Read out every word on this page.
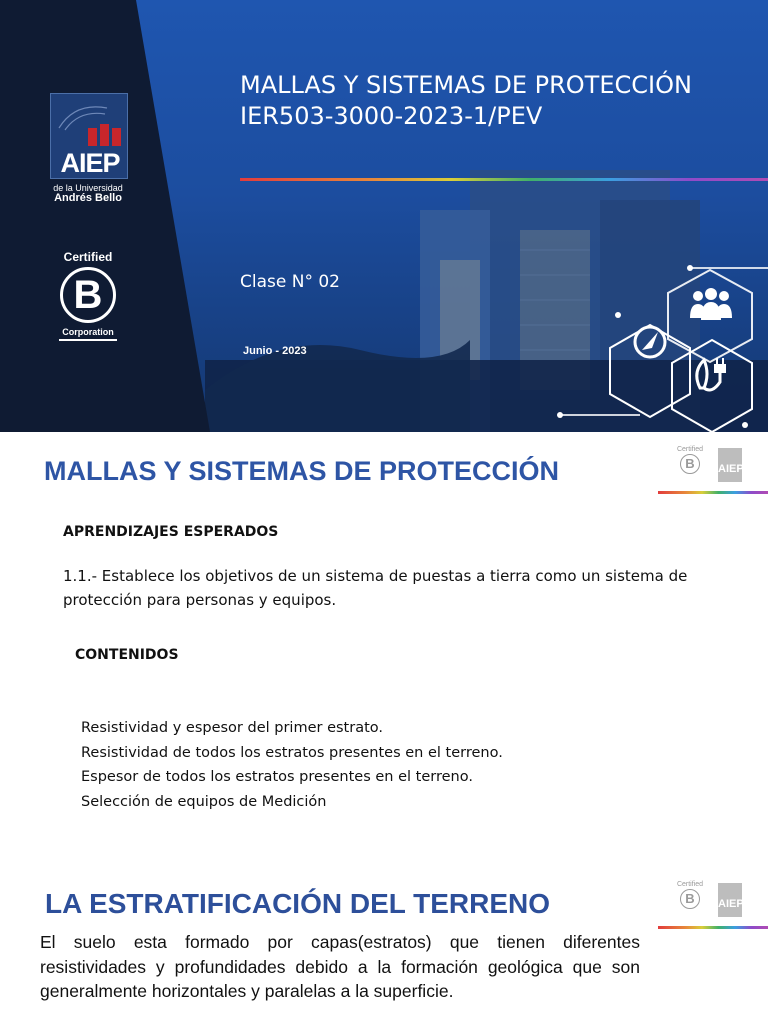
AIEP
de la Universidad
Andrés Bello
Certified
B
Corporation
MALLAS Y SISTEMAS DE PROTECCIÓN IER503-3000-2023-1/PEV
Clase N° 02
Junio - 2023
MALLAS Y SISTEMAS DE PROTECCIÓN
Certified
B	AIEP
APRENDIZAJES ESPERADOS

1.1.- Establece los objetivos de un sistema de puestas a tierra como un sistema de protección para personas y equipos.

CONTENIDOS
Resistividad y espesor del primer estrato.
Resistividad de todos los estratos presentes en el terreno.
Espesor de todos los estratos presentes en el terreno.
Selección de equipos de Medición
LA ESTRATIFICACIÓN DEL TERRENO
Certified
B	AIEP

El suelo esta formado por capas(estratos) que tienen diferentes resistividades y profundidades debido a la formación geológica que son generalmente horizontales y paralelas a la superficie.
